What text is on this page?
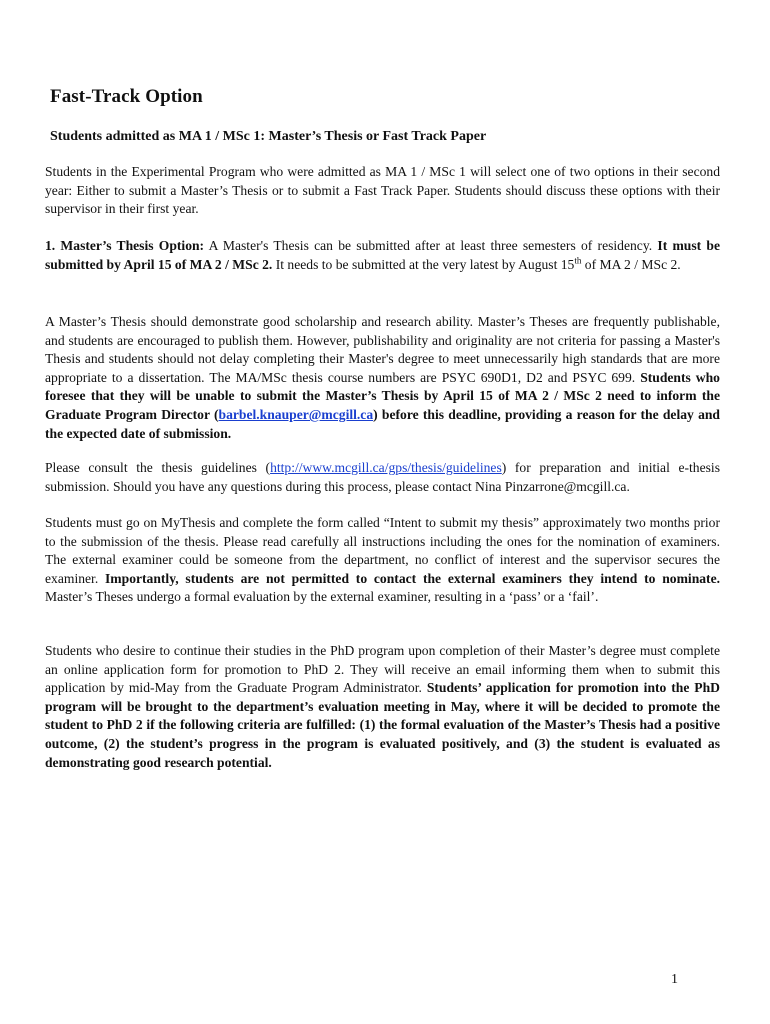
Fast-Track Option
Students admitted as MA 1 / MSc 1: Master’s Thesis or Fast Track Paper

Students in the Experimental Program who were admitted as MA 1 / MSc 1 will select one of two options in their second year: Either to submit a Master’s Thesis or to submit a Fast Track Paper. Students should discuss these options with their supervisor in their first year.

1. Master’s Thesis Option: A Master's Thesis can be submitted after at least three semesters of residency. It must be submitted by April 15 of MA 2 / MSc 2. It needs to be submitted at the very latest by August 15th of MA 2 / MSc 2.

A Master’s Thesis should demonstrate good scholarship and research ability. Master’s Theses are frequently publishable, and students are encouraged to publish them. However, publishability and originality are not criteria for passing a Master's Thesis and students should not delay completing their Master's degree to meet unnecessarily high standards that are more appropriate to a dissertation. The MA/MSc thesis course numbers are PSYC 690D1, D2 and PSYC 699. Students who foresee that they will be unable to submit the Master’s Thesis by April 15 of MA 2 / MSc 2 need to inform the Graduate Program Director (barbel.knauper@mcgill.ca) before this deadline, providing a reason for the delay and the expected date of submission.

Please consult the thesis guidelines (http://www.mcgill.ca/gps/thesis/guidelines) for preparation and initial e-thesis submission. Should you have any questions during this process, please contact Nina Pinzarrone@mcgill.ca.

Students must go on MyThesis and complete the form called “Intent to submit my thesis” approximately two months prior to the submission of the thesis. Please read carefully all instructions including the ones for the nomination of examiners. The external examiner could be someone from the department, no conflict of interest and the supervisor secures the examiner. Importantly, students are not permitted to contact the external examiners they intend to nominate. Master’s Theses undergo a formal evaluation by the external examiner, resulting in a ‘pass’ or a ‘fail’.

Students who desire to continue their studies in the PhD program upon completion of their Master’s degree must complete an online application form for promotion to PhD 2. They will receive an email informing them when to submit this application by mid-May from the Graduate Program Administrator. Students’ application for promotion into the PhD program will be brought to the department’s evaluation meeting in May, where it will be decided to promote the student to PhD 2 if the following criteria are fulfilled: (1) the formal evaluation of the Master’s Thesis had a positive outcome, (2) the student’s progress in the program is evaluated positively, and (3) the student is evaluated as demonstrating good research potential.

1
